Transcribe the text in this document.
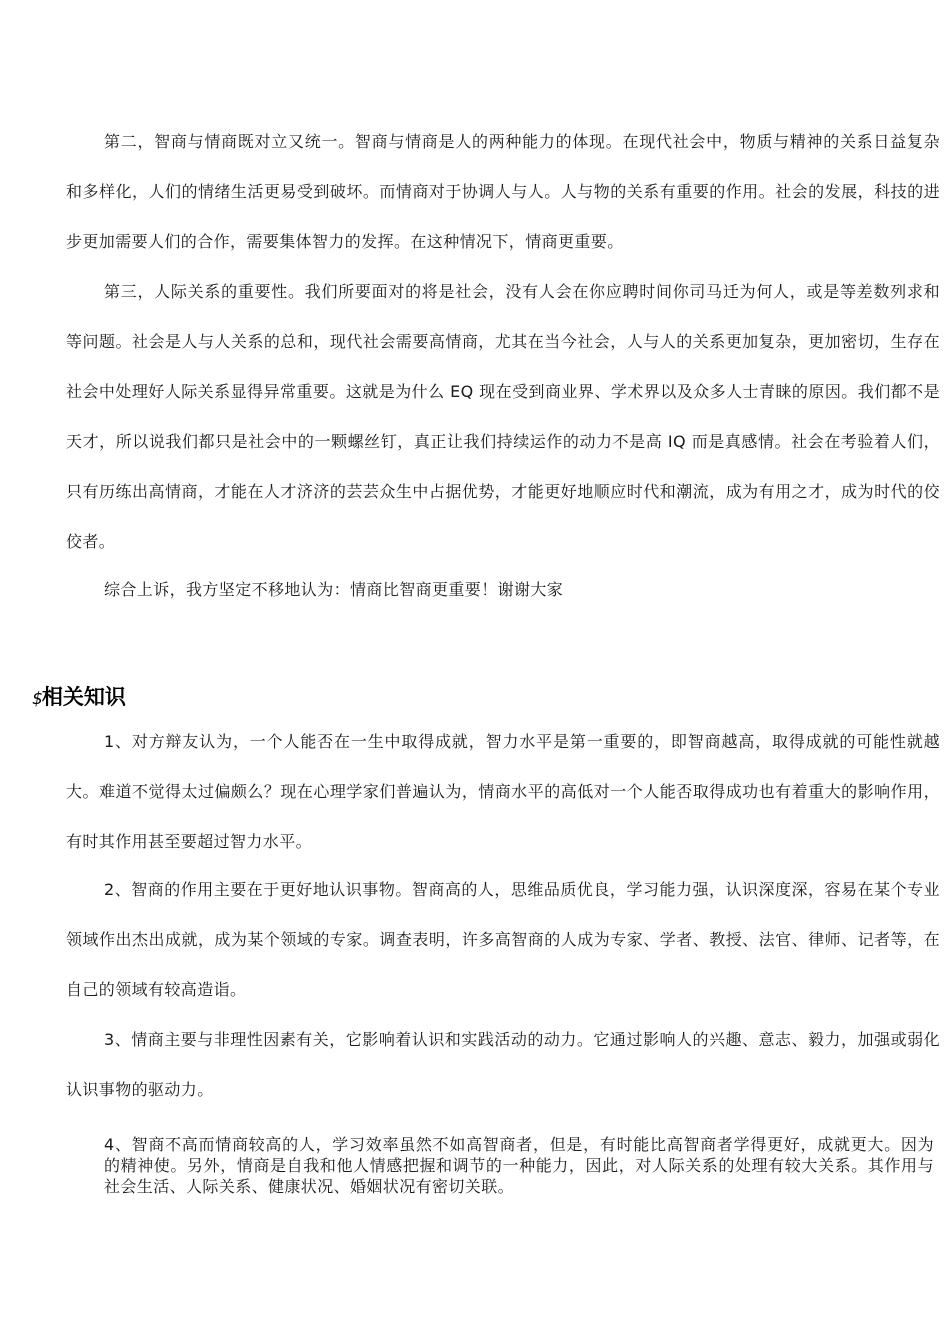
第二，智商与情商既对立又统一。智商与情商是人的两种能力的体现。在现代社会中，物质与精神的关系日益复杂和多样化，人们的情绪生活更易受到破坏。而情商对于协调人与人。人与物的关系有重要的作用。社会的发展，科技的进步更加需要人们的合作，需要集体智力的发挥。在这种情况下，情商更重要。

第三，人际关系的重要性。我们所要面对的将是社会，没有人会在你应聘时间你司马迁为何人，或是等差数列求和等问题。社会是人与人关系的总和，现代社会需要高情商，尤其在当今社会，人与人的关系更加复杂，更加密切，生存在社会中处理好人际关系显得异常重要。这就是为什么 EQ 现在受到商业界、学术界以及众多人士青睐的原因。我们都不是天才，所以说我们都只是社会中的一颗螺丝钉，真正让我们持续运作的动力不是高 IQ 而是真感情。社会在考验着人们，只有历练出高情商，才能在人才济济的芸芸众生中占据优势，才能更好地顺应时代和潮流，成为有用之才，成为时代的佼佼者。

综合上诉，我方坚定不移地认为：情商比智商更重要！谢谢大家

$相关知识

1、对方辩友认为，一个人能否在一生中取得成就，智力水平是第一重要的，即智商越高，取得成就的可能性就越大。难道不觉得太过偏颇么？现在心理学家们普遍认为，情商水平的高低对一个人能否取得成功也有着重大的影响作用，有时其作用甚至要超过智力水平。

2、智商的作用主要在于更好地认识事物。智商高的人，思维品质优良，学习能力强，认识深度深，容易在某个专业领域作出杰出成就，成为某个领域的专家。调查表明，许多高智商的人成为专家、学者、教授、法官、律师、记者等，在自己的领域有较高造诣。

3、情商主要与非理性因素有关，它影响着认识和实践活动的动力。它通过影响人的兴趣、意志、毅力，加强或弱化认识事物的驱动力。

4、智商不高而情商较高的人，学习效率虽然不如高智商者，但是，有时能比高智商者学得更好，成就更大。因为的精神使。另外，情商是自我和他人情感把握和调节的一种能力，因此，对人际关系的处理有较大关系。其作用与社会生活、人际关系、健康状况、婚姻状况有密切关联。
